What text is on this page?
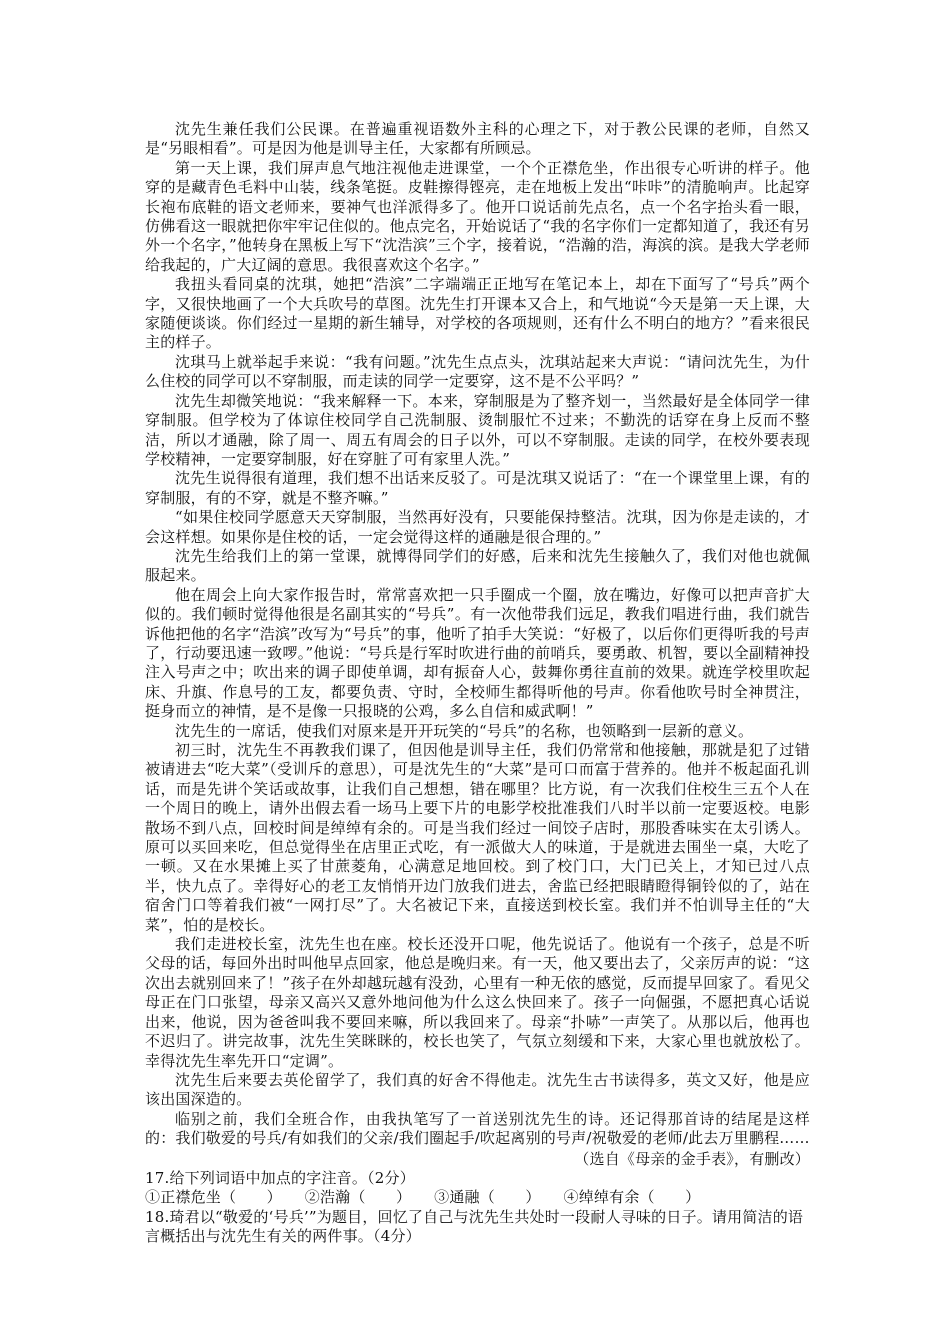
沈先生兼任我们公民课。在普遍重视语数外主科的心理之下，对于教公民课的老师，自然又是“另眼相看”。可是因为他是训导主任，大家都有所顾忌。

第一天上课，我们屏声息气地注视他走进课堂，一个个正襟危坐，作出很专心听讲的样子。他穿的是藏青色毛料中山装，线条笔挺。皮鞋擦得铿亮，走在地板上发出“咔咔”的清脆响声。比起穿长袍布底鞋的语文老师来，要神气也洋派得多了。他开口说话前先点名，点一个名字抬头看一眼，仿佛看这一眼就把你牢牢记住似的。他点完名，开始说话了“我的名字你们一定都知道了，我还有另外一个名字，”他转身在黑板上写下“沈浩滨”三个字，接着说，“浩瀚的浩，海滨的滨。是我大学老师给我起的，广大辽阔的意思。我很喜欢这个名字。”

我扭头看同桌的沈琪，她把“浩滨”二字端端正正地写在笔记本上，却在下面写了“号兵”两个字，又很快地画了一个大兵吹号的草图。沈先生打开课本又合上，和气地说“今天是第一天上课，大家随便谈谈。你们经过一星期的新生辅导，对学校的各项规则，还有什么不明白的地方？”看来很民主的样子。

沈琪马上就举起手来说：“我有问题。”沈先生点点头，沈琪站起来大声说：“请问沈先生，为什么住校的同学可以不穿制服，而走读的同学一定要穿，这不是不公平吗？”

沈先生却微笑地说：“我来解释一下。本来，穿制服是为了整齐划一，当然最好是全体同学一律穿制服。但学校为了体谅住校同学自己洗制服、烫制服忙不过来；不勤洗的话穿在身上反而不整洁，所以才通融，除了周一、周五有周会的日子以外，可以不穿制服。走读的同学，在校外要表现学校精神，一定要穿制服，好在穿脏了可有家里人洗。”

沈先生说得很有道理，我们想不出话来反驳了。可是沈琪又说话了：“在一个课堂里上课，有的穿制服，有的不穿，就是不整齐嘛。”

“如果住校同学愿意天天穿制服，当然再好没有，只要能保持整洁。沈琪，因为你是走读的，才会这样想。如果你是住校的话，一定会觉得这样的通融是很合理的。”

沈先生给我们上的第一堂课，就博得同学们的好感，后来和沈先生接触久了，我们对他也就佩服起来。

他在周会上向大家作报告时，常常喜欢把一只手圈成一个圈，放在嘴边，好像可以把声音扩大似的。我们顿时觉得他很是名副其实的“号兵”。有一次他带我们远足，教我们唱进行曲，我们就告诉他把他的名字“浩滨”改写为“号兵”的事，他听了拍手大笑说：“好极了，以后你们更得听我的号声了，行动要迅速一致啰。”他说：“号兵是行军时吹进行曲的前哨兵，要勇敢、机智，要以全副精神投注入号声之中；吹出来的调子即使单调，却有振奋人心，鼓舞你勇往直前的效果。就连学校里吹起床、升旗、作息号的工友，都要负责、守时，全校师生都得听他的号声。你看他吹号时全神贯注，挺身而立的神情，是不是像一只报晓的公鸡，多么自信和威武啊！”

沈先生的一席话，使我们对原来是开开玩笑的“号兵”的名称，也领略到一层新的意义。

初三时，沈先生不再教我们课了，但因他是训导主任，我们仍常常和他接触，那就是犯了过错被请进去“吃大菜”（受训斥的意思），可是沈先生的“大菜”是可口而富于营养的。他并不板起面孔训话，而是先讲个笑话或故事，让我们自己想想，错在哪里？比方说，有一次我们住校生三五个人在一个周日的晚上，请外出假去看一场马上要下片的电影学校批准我们八时半以前一定要返校。电影散场不到八点，回校时间是绰绰有余的。可是当我们经过一间饺子店时，那股香味实在太引诱人。原可以买回来吃，但总觉得坐在店里正式吃，有一派做大人的味道，于是就进去围坐一桌，大吃了一顿。又在水果摊上买了甘蔗菱角，心满意足地回校。到了校门口，大门已关上，才知已过八点半，快九点了。幸得好心的老工友悄悄开边门放我们进去，舍监已经把眼睛瞪得铜铃似的了，站在宿舍门口等着我们被“一网打尽”了。大名被记下来，直接送到校长室。我们并不怕训导主任的“大菜”，怕的是校长。

我们走进校长室，沈先生也在座。校长还没开口呢，他先说话了。他说有一个孩子，总是不听父母的话，每回外出时叫他早点回家，他总是晚归来。有一天，他又要出去了，父亲厉声的说：“这次出去就别回来了！”孩子在外却越玩越有没劲，心里有一种无依的感觉，反而提早回家了。看见父母正在门口张望，母亲又高兴又意外地问他为什么这么快回来了。孩子一向倔强，不愿把真心话说出来，他说，因为爸爸叫我不要回来嘛，所以我回来了。母亲“扑哧”一声笑了。从那以后，他再也不迟归了。讲完故事，沈先生笑眯眯的，校长也笑了，气氛立刻缓和下来，大家心里也就放松了。幸得沈先生率先开口“定调”。

沈先生后来要去英伦留学了，我们真的好舍不得他走。沈先生古书读得多，英文又好，他是应该出国深造的。

临别之前，我们全班合作，由我执笔写了一首送别沈先生的诗。还记得那首诗的结尾是这样的：我们敬爱的号兵/有如我们的父亲/我们圈起手/吹起离别的号声/祝敬爱的老师/此去万里鹏程……

（选自《母亲的金手表》，有删改）

17.给下列词语中加点的字注音。（2分）

①正襟危坐（　　） ②浩瀚（　　） ③通融（　　） ④绰绰有余（　　）

18.琦君以“敬爱的‘号兵’”为题目，回忆了自己与沈先生共处时一段耐人寻味的日子。请用简洁的语言概括出与沈先生有关的两件事。（4分）
